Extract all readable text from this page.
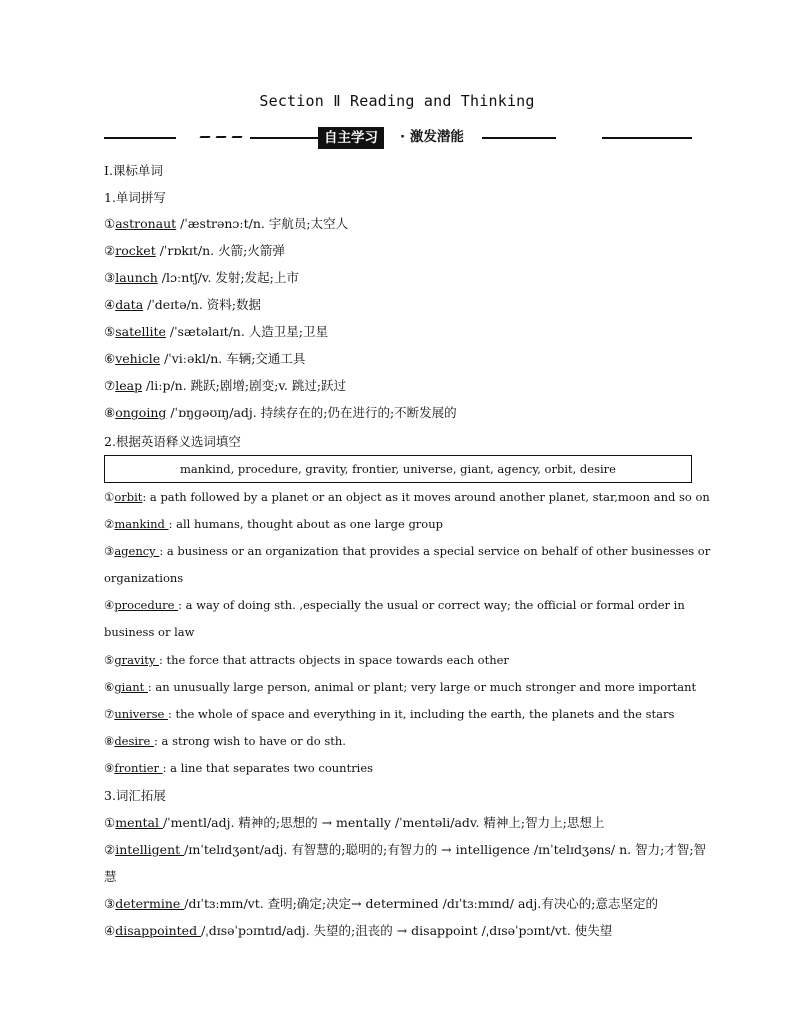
Section Ⅱ Reading and Thinking
自主学习	· 激发潜能
Ⅰ.课标单词
1.单词拼写
①astronaut /ˈæstrənɔːt/n. 宇航员;太空人
②rocket /ˈrɒkɪt/n. 火箭;火箭弹
③launch /lɔːntʃ/v. 发射;发起;上市
④data /ˈdeɪtə/n. 资料;数据
⑤satellite /ˈsætəlaɪt/n. 人造卫星;卫星
⑥vehicle /ˈviːəkl/n. 车辆;交通工具
⑦leap /liːp/n. 跳跃;剧增;剧变;v. 跳过;跃过
⑧ongoing /ˈɒŋɡəʊɪŋ/adj. 持续存在的;仍在进行的;不断发展的
2.根据英语释义选词填空
mankind, procedure, gravity, frontier, universe, giant, agency, orbit, desire
①orbit: a path followed by a planet or an object as it moves around another planet, star,moon and so on
②mankind : all humans, thought about as one large group
③agency : a business or an organization that provides a special service on behalf of other businesses or
organizations
④procedure : a way of doing sth. ,especially the usual or correct way; the official or formal order in
business or law
⑤gravity : the force that attracts objects in space towards each other
⑥giant : an unusually large person, animal or plant; very large or much stronger and more important
⑦universe : the whole of space and everything in it, including the earth, the planets and the stars
⑧desire : a strong wish to have or do sth.
⑨frontier : a line that separates two countries
3.词汇拓展
①mental /ˈmentl/adj. 精神的;思想的 → mentally /ˈmentəli/adv. 精神上;智力上;思想上
②intelligent /ɪnˈtelɪdʒənt/adj. 有智慧的;聪明的;有智力的 → intelligence /ɪnˈtelɪdʒəns/ n. 智力;才智;智
慧
③determine /dɪˈtɜːmɪn/vt. 查明;确定;决定→ determined /dɪˈtɜːmɪnd/ adj.有决心的;意志坚定的
④disappointed /ˌdɪsəˈpɔɪntɪd/adj. 失望的;沮丧的 → disappoint /ˌdɪsəˈpɔɪnt/vt. 使失望
